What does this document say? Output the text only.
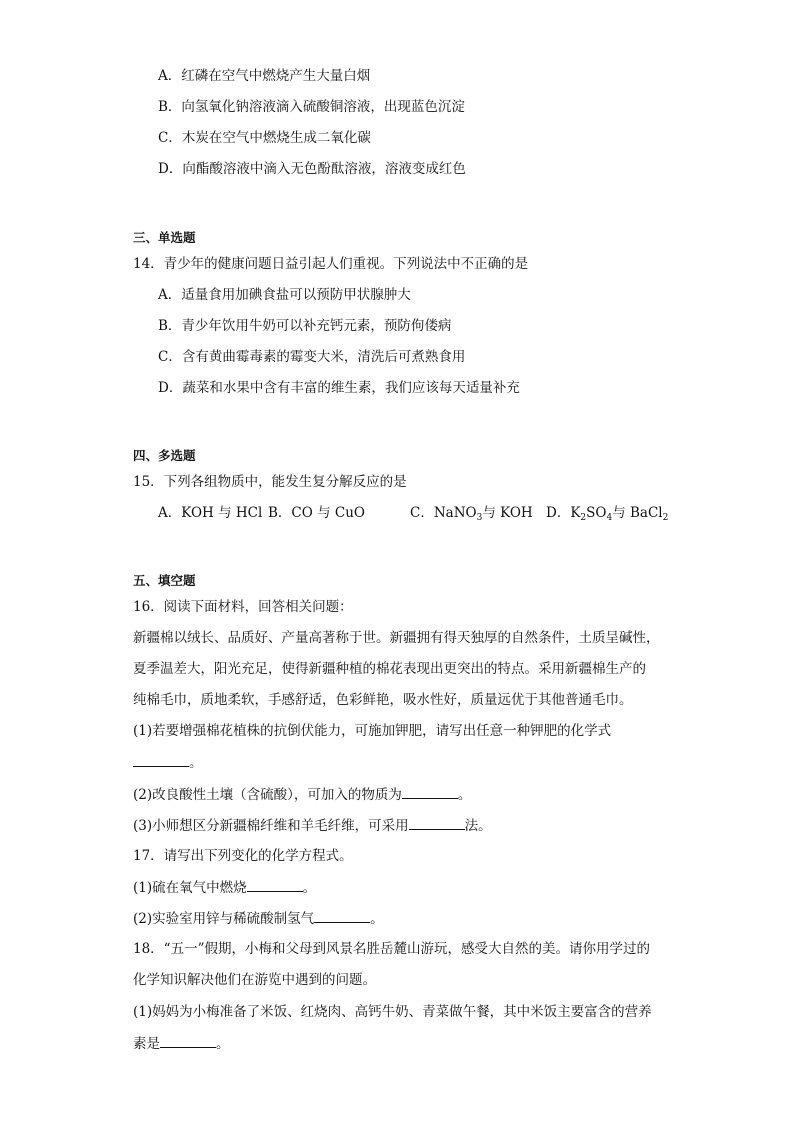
A．红磷在空气中燃烧产生大量白烟
B．向氢氧化钠溶液滴入硫酸铜溶液，出现蓝色沉淀
C．木炭在空气中燃烧生成二氧化碳
D．向酯酸溶液中滴入无色酚酞溶液，溶液变成红色
三、单选题
14．青少年的健康问题日益引起人们重视。下列说法中不正确的是
A．适量食用加碘食盐可以预防甲状腺肿大
B．青少年饮用牛奶可以补充钙元素，预防佝偻病
C．含有黄曲霉毒素的霉变大米，清洗后可煮熟食用
D．蔬菜和水果中含有丰富的维生素，我们应该每天适量补充
四、多选题
15．下列各组物质中，能发生复分解反应的是
A．KOH 与 HCl B．CO 与 CuO	C．NaNO$_3$与 KOH D．$K_2SO_4$与 BaCl$_2$
五、填空题
16．阅读下面材料，回答相关问题：
新疆棉以绒长、品质好、产量高著称于世。新疆拥有得天独厚的自然条件，土质呈碱性，
夏季温差大，阳光充足，使得新疆种植的棉花表现出更突出的特点。采用新疆棉生产的
纯棉毛巾，质地柔软，手感舒适，色彩鲜艳，吸水性好，质量远优于其他普通毛巾。
(1)若要增强棉花植株的抗倒伏能力，可施加钾肥，请写出任意一种钾肥的化学式
。
(2)改良酸性土壤（含硫酸），可加入的物质为	。
(3)小师想区分新疆棉纤维和羊毛纤维，可采用	法。
17．请写出下列变化的化学方程式。
(1)硫在氧气中燃烧	。
(2)实验室用锌与稀硫酸制氢气	。
18．“五一”假期，小梅和父母到风景名胜岳麓山游玩，感受大自然的美。请你用学过的
化学知识解决他们在游览中遇到的问题。
(1)妈妈为小梅准备了米饭、红烧肉、高钙牛奶、青菜做午餐，其中米饭主要富含的营养
素是	。
